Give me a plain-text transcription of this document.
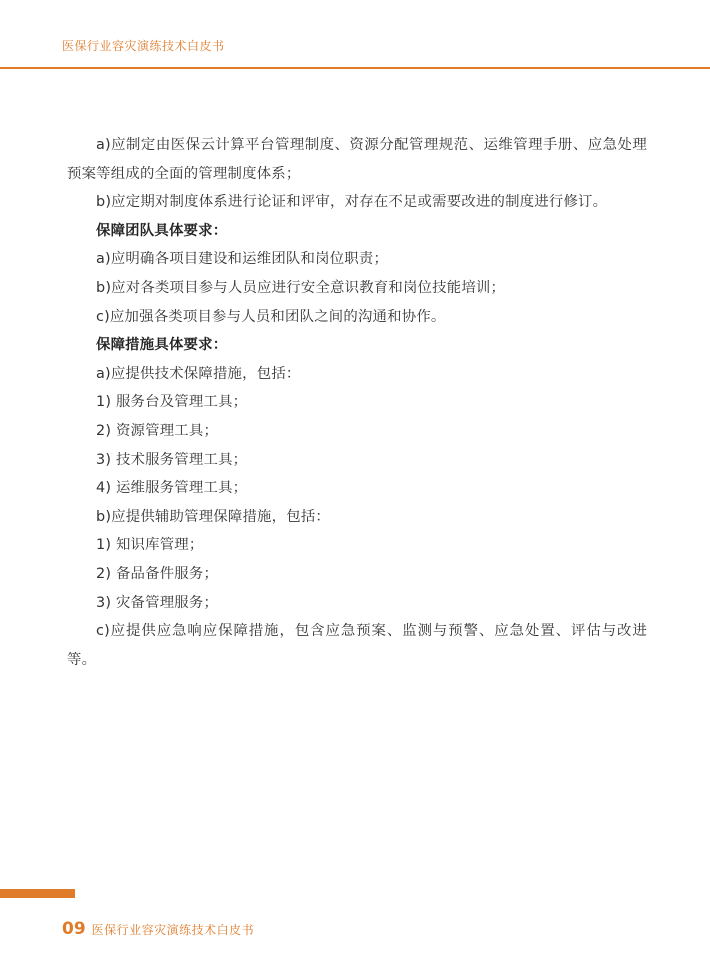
医保行业容灾演练技术白皮书

a)应制定由医保云计算平台管理制度、资源分配管理规范、运维管理手册、应急处理预案等组成的全面的管理制度体系；

b)应定期对制度体系进行论证和评审，对存在不足或需要改进的制度进行修订。

保障团队具体要求：

a)应明确各项目建设和运维团队和岗位职责；

b)应对各类项目参与人员应进行安全意识教育和岗位技能培训；

c)应加强各类项目参与人员和团队之间的沟通和协作。

保障措施具体要求：

a)应提供技术保障措施，包括：

1) 服务台及管理工具；

2) 资源管理工具；

3) 技术服务管理工具；

4) 运维服务管理工具；

b)应提供辅助管理保障措施，包括：

1) 知识库管理；

2) 备品备件服务；

3) 灾备管理服务；

c)应提供应急响应保障措施，包含应急预案、监测与预警、应急处置、评估与改进等。

09 医保行业容灾演练技术白皮书
